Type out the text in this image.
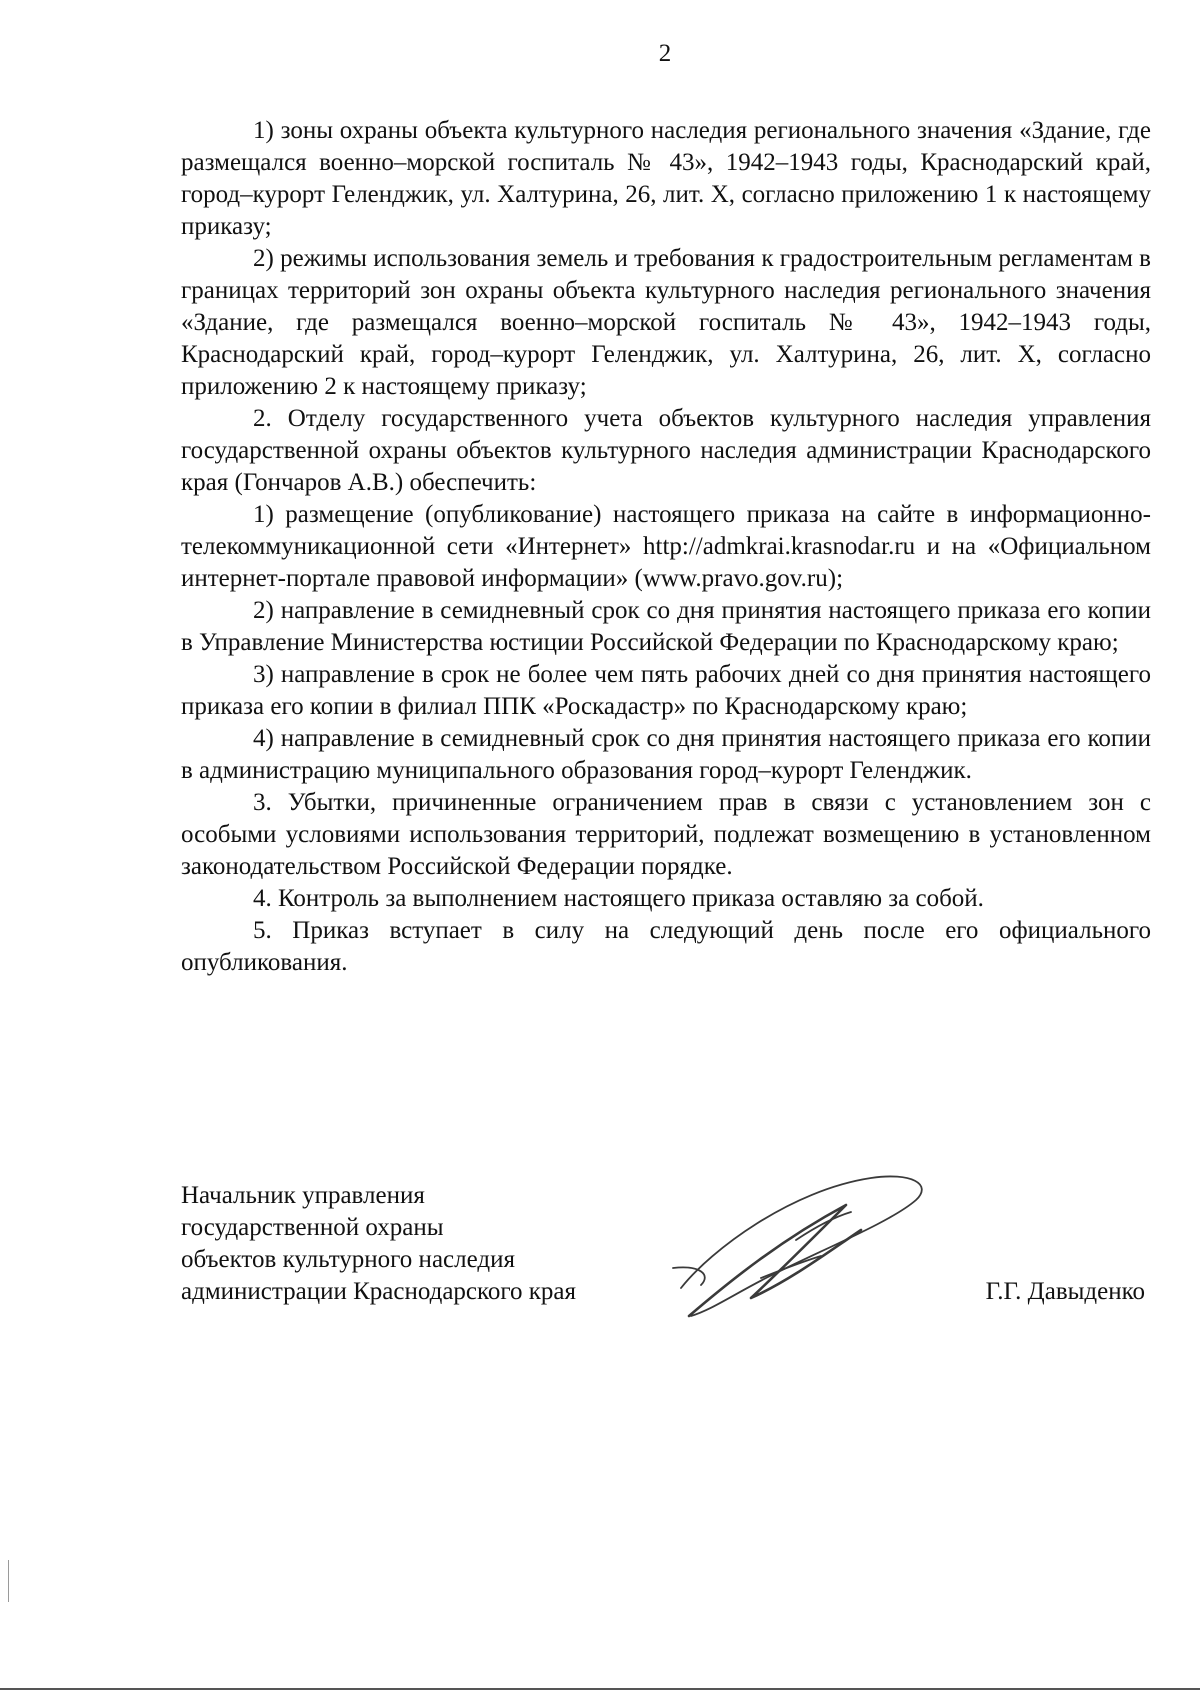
2

1) зоны охраны объекта культурного наследия регионального значения «Здание, где размещался военно–морской госпиталь № 43», 1942–1943 годы, Краснодарский край, город–курорт Геленджик, ул. Халтурина, 26, лит. Х, согласно приложению 1 к настоящему приказу;

2) режимы использования земель и требования к градостроительным регламентам в границах территорий зон охраны объекта культурного наследия регионального значения «Здание, где размещался военно–морской госпиталь № 43», 1942–1943 годы, Краснодарский край, город–курорт Геленджик, ул. Халтурина, 26, лит. Х, согласно приложению 2 к настоящему приказу;

2. Отделу государственного учета объектов культурного наследия управления государственной охраны объектов культурного наследия администрации Краснодарского края (Гончаров А.В.) обеспечить:

1) размещение (опубликование) настоящего приказа на сайте в информационно-телекоммуникационной сети «Интернет» http://admkrai.krasnodar.ru и на «Официальном интернет-портале правовой информации» (www.pravo.gov.ru);

2) направление в семидневный срок со дня принятия настоящего приказа его копии в Управление Министерства юстиции Российской Федерации по Краснодарскому краю;

3) направление в срок не более чем пять рабочих дней со дня принятия настоящего приказа его копии в филиал ППК «Роскадастр» по Краснодарскому краю;

4) направление в семидневный срок со дня принятия настоящего приказа его копии в администрацию муниципального образования город–курорт Геленджик.

3. Убытки, причиненные ограничением прав в связи с установлением зон с особыми условиями использования территорий, подлежат возмещению в установленном законодательством Российской Федерации порядке.

4. Контроль за выполнением настоящего приказа оставляю за собой.

5. Приказ вступает в силу на следующий день после его официального опубликования.

Начальник управления
государственной охраны
объектов культурного наследия
администрации Краснодарского края	Г.Г. Давыденко
